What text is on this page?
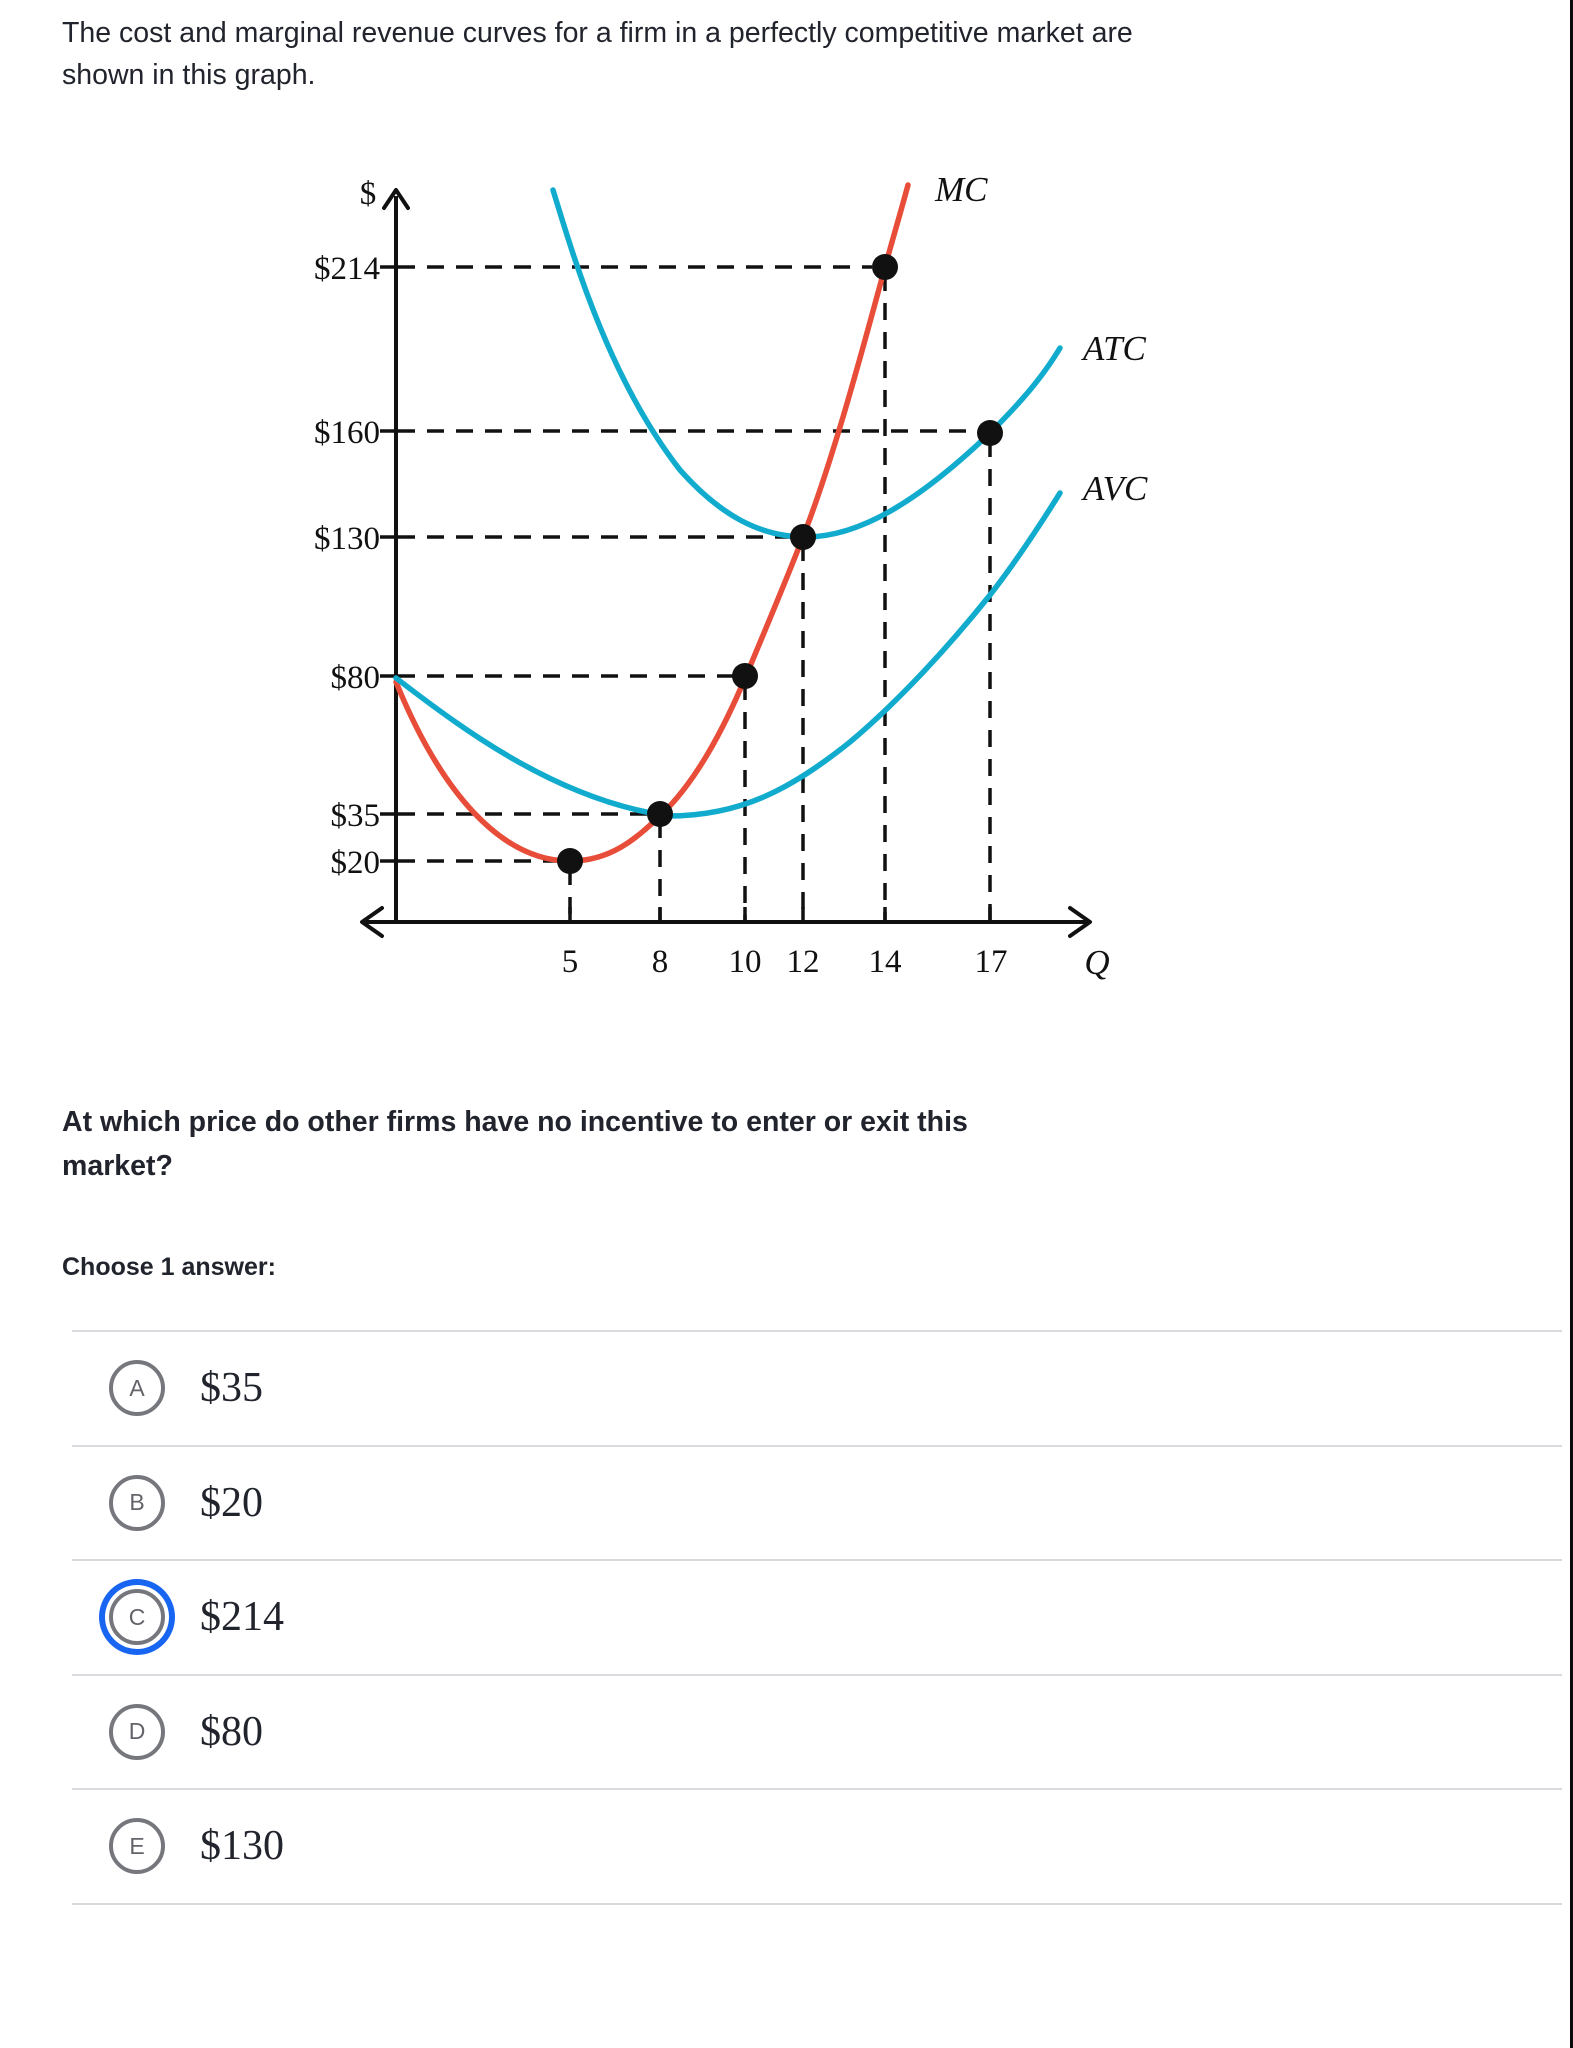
The cost and marginal revenue curves for a firm in a perfectly competitive market are shown in this graph.
$
Q
$214
$160
$130
$80
$35
$20
5 8 10 12 14 17
MC
ATC
AVC
At which price do other firms have no incentive to enter or exit this market?
Choose 1 answer:
A $35
B $20
C $214
D $80
E $130
